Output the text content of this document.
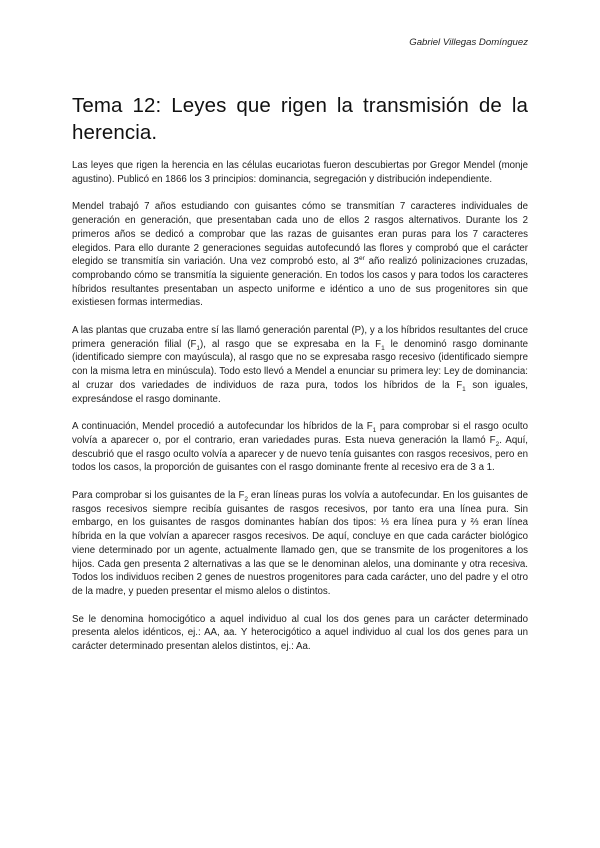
Gabriel Villegas Domínguez
Tema 12: Leyes que rigen la transmisión de la herencia.

Las leyes que rigen la herencia en las células eucariotas fueron descubiertas por Gregor Mendel (monje agustino). Publicó en 1866 los 3 principios: dominancia, segregación y distribución independiente.

Mendel trabajó 7 años estudiando con guisantes cómo se transmitían 7 caracteres individuales de generación en generación, que presentaban cada uno de ellos 2 rasgos alternativos. Durante los 2 primeros años se dedicó a comprobar que las razas de guisantes eran puras para los 7 caracteres elegidos. Para ello durante 2 generaciones seguidas autofecundó las flores y comprobó que el carácter elegido se transmitía sin variación. Una vez comprobó esto, al 3er año realizó polinizaciones cruzadas, comprobando cómo se transmitía la siguiente generación. En todos los casos y para todos los caracteres híbridos resultantes presentaban un aspecto uniforme e idéntico a uno de sus progenitores sin que existiesen formas intermedias.

A las plantas que cruzaba entre sí las llamó generación parental (P), y a los híbridos resultantes del cruce primera generación filial $(F_1)$, al rasgo que se expresaba en la $F_1$ le denominó rasgo dominante (identificado siempre con mayúscula), al rasgo que no se expresaba rasgo recesivo (identificado siempre con la misma letra en minúscula). Todo esto llevó a Mendel a enunciar su primera ley: Ley de dominancia: al cruzar dos variedades de individuos de raza pura, todos los híbridos de la $F_1$ son iguales, expresándose el rasgo dominante.

A continuación, Mendel procedió a autofecundar los híbridos de la $F_1$ para comprobar si el rasgo oculto volvía a aparecer o, por el contrario, eran variedades puras. Esta nueva generación la llamó $F_2$. Aquí, descubrió que el rasgo oculto volvía a aparecer y de nuevo tenía guisantes con rasgos recesivos, pero en todos los casos, la proporción de guisantes con el rasgo dominante frente al recesivo era de 3 a 1.

Para comprobar si los guisantes de la $F_2$ eran líneas puras los volvía a autofecundar. En los guisantes de rasgos recesivos siempre recibía guisantes de rasgos recesivos, por tanto era una línea pura. Sin embargo, en los guisantes de rasgos dominantes habían dos tipos: ⅓ era línea pura y ⅔ eran línea híbrida en la que volvían a aparecer rasgos recesivos. De aquí, concluye en que cada carácter biológico viene determinado por un agente, actualmente llamado gen, que se transmite de los progenitores a los hijos. Cada gen presenta 2 alternativas a las que se le denominan alelos, una dominante y otra recesiva. Todos los individuos reciben 2 genes de nuestros progenitores para cada carácter, uno del padre y el otro de la madre, y pueden presentar el mismo alelos o distintos.

Se le denomina homocigótico a aquel individuo al cual los dos genes para un carácter determinado presenta alelos idénticos, ej.: AA, aa. Y heterocigótico a aquel individuo al cual los dos genes para un carácter determinado presentan alelos distintos, ej.: Aa.
